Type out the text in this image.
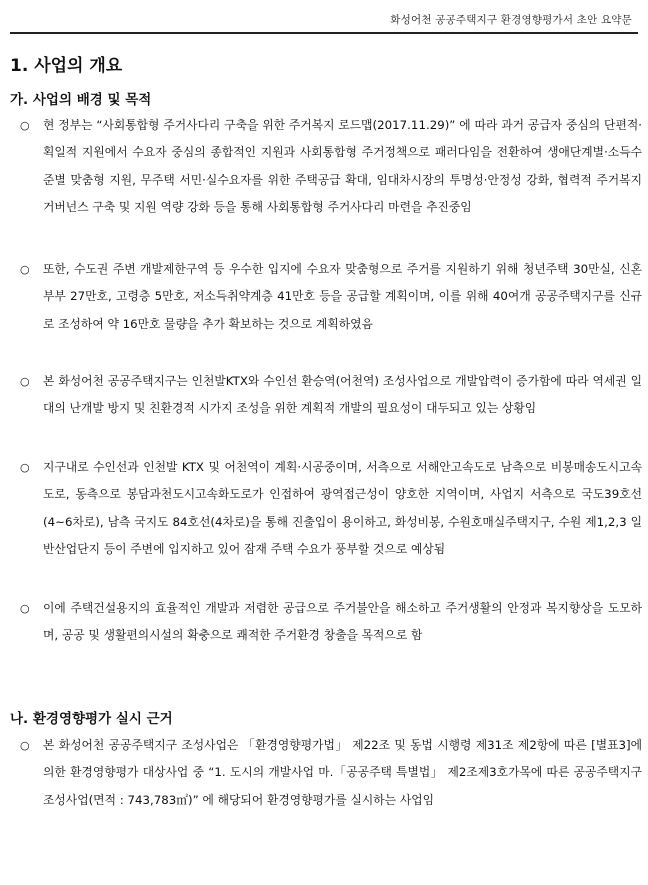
화성어천 공공주택지구 환경영향평가서 초안 요약문
1. 사업의 개요
가. 사업의 배경 및 목적
○	현 정부는 “사회통합형 주거사다리 구축을 위한 주거복지 로드맵(2017.11.29)” 에 따라 과거 공급자 중심의 단편적·획일적 지원에서 수요자 중심의 종합적인 지원과 사회통합형 주거정책으로 패러다임을 전환하여 생애단계별·소득수준별 맞춤형 지원, 무주택 서민·실수요자를 위한 주택공급 확대, 임대차시장의 투명성·안정성 강화, 협력적 주거복지 거버넌스 구축 및 지원 역량 강화 등을 통해 사회통합형 주거사다리 마련을 추진중임
○	또한, 수도권 주변 개발제한구역 등 우수한 입지에 수요자 맞춤형으로 주거를 지원하기 위해 청년주택 30만실, 신혼부부 27만호, 고령층 5만호, 저소득취약계층 41만호 등을 공급할 계획이며, 이를 위해 40여개 공공주택지구를 신규로 조성하여 약 16만호 물량을 추가 확보하는 것으로 계획하였음
○	본 화성어천 공공주택지구는 인천발KTX와 수인선 환승역(어천역) 조성사업으로 개발압력이 증가함에 따라 역세권 일대의 난개발 방지 및 친환경적 시가지 조성을 위한 계획적 개발의 필요성이 대두되고 있는 상황임
○	지구내로 수인선과 인천발 KTX 및 어천역이 계획·시공중이며, 서측으로 서해안고속도로 남측으로 비봉매송도시고속도로, 동측으로 봉담과천도시고속화도로가 인접하여 광역접근성이 양호한 지역이며, 사업지 서측으로 국도39호선(4~6차로), 남측 국지도 84호선(4차로)을 통해 진출입이 용이하고, 화성비봉, 수원호매실주택지구, 수원 제1,2,3 일반산업단지 등이 주변에 입지하고 있어 잠재 주택 수요가 풍부할 것으로 예상됨
○	이에 주택건설용지의 효율적인 개발과 저렴한 공급으로 주거불안을 해소하고 주거생활의 안정과 복지향상을 도모하며, 공공 및 생활편의시설의 확충으로 쾌적한 주거환경 창출을 목적으로 함
나. 환경영향평가 실시 근거
○	본 화성어천 공공주택지구 조성사업은 「환경영향평가법」 제22조 및 동법 시행령 제31조 제2항에 따른 [별표3]에 의한 환경영향평가 대상사업 중 “1. 도시의 개발사업 마.「공공주택 특별법」 제2조제3호가목에 따른 공공주택지구조성사업(면적 : 743,783㎡)” 에 해당되어 환경영향평가를 실시하는 사업임
